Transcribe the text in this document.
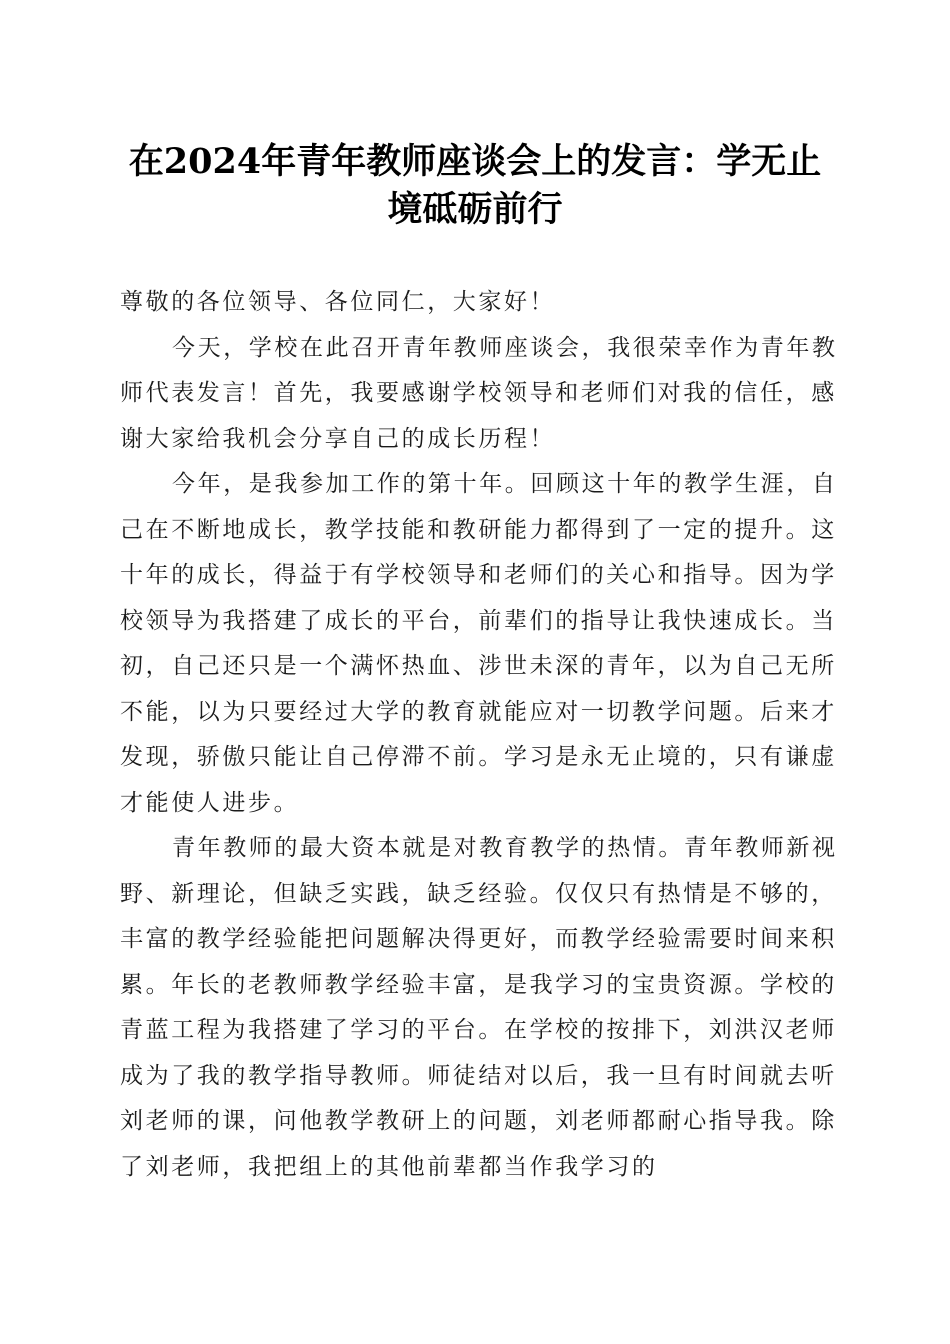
在2024年青年教师座谈会上的发言：学无止
境砥砺前行

尊敬的各位领导、各位同仁，大家好！

今天，学校在此召开青年教师座谈会，我很荣幸作为青年教师代表发言！首先，我要感谢学校领导和老师们对我的信任，感谢大家给我机会分享自己的成长历程！

今年，是我参加工作的第十年。回顾这十年的教学生涯，自己在不断地成长，教学技能和教研能力都得到了一定的提升。这十年的成长，得益于有学校领导和老师们的关心和指导。因为学校领导为我搭建了成长的平台，前辈们的指导让我快速成长。当初，自己还只是一个满怀热血、涉世未深的青年，以为自己无所不能，以为只要经过大学的教育就能应对一切教学问题。后来才发现，骄傲只能让自己停滞不前。学习是永无止境的，只有谦虚才能使人进步。

青年教师的最大资本就是对教育教学的热情。青年教师新视野、新理论，但缺乏实践，缺乏经验。仅仅只有热情是不够的，丰富的教学经验能把问题解决得更好，而教学经验需要时间来积累。年长的老教师教学经验丰富，是我学习的宝贵资源。学校的青蓝工程为我搭建了学习的平台。在学校的按排下，刘洪汉老师成为了我的教学指导教师。师徒结对以后，我一旦有时间就去听刘老师的课，问他教学教研上的问题，刘老师都耐心指导我。除了刘老师，我把组上的其他前辈都当作我学习的
